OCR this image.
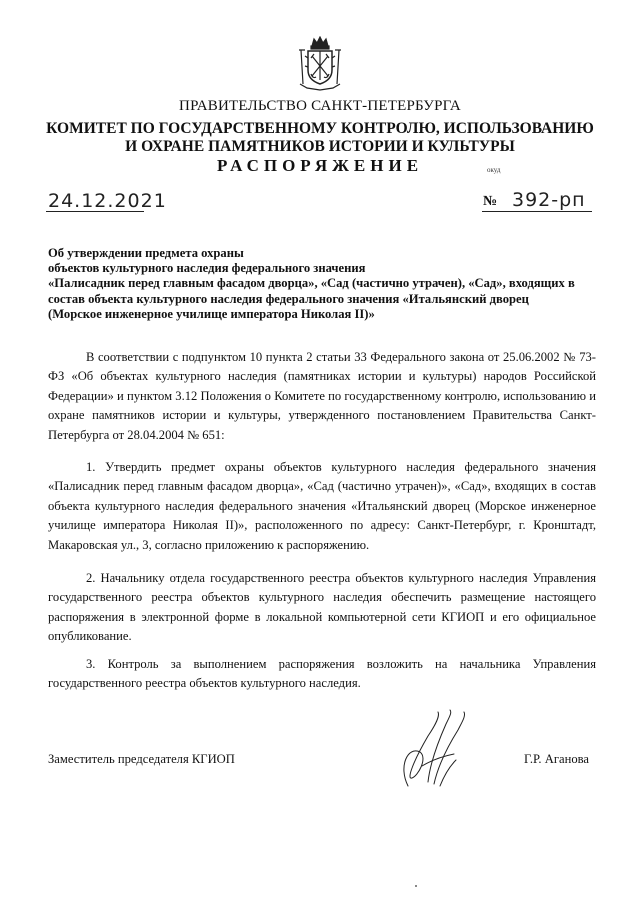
ПРАВИТЕЛЬСТВО САНКТ-ПЕТЕРБУРГА
КОМИТЕТ ПО ГОСУДАРСТВЕННОМУ КОНТРОЛЮ, ИСПОЛЬЗОВАНИЮ
И ОХРАНЕ ПАМЯТНИКОВ ИСТОРИИ И КУЛЬТУРЫ
РАСПОРЯЖЕНИЕ	окуд
24.12.2021	№ 392-рп
Об утверждении предмета охраны
объектов культурного наследия федерального значения
«Палисадник перед главным фасадом дворца», «Сад (частично утрачен), «Сад», входящих в
состав объекта культурного наследия федерального значения «Итальянский дворец
(Морское инженерное училище императора Николая II)»
В соответствии с подпунктом 10 пункта 2 статьи 33 Федерального закона от 25.06.2002 № 73-ФЗ «Об объектах культурного наследия (памятниках истории и культуры) народов Российской Федерации» и пунктом 3.12 Положения о Комитете по государственному контролю, использованию и охране памятников истории и культуры, утвержденного постановлением Правительства Санкт-Петербурга от 28.04.2004 № 651:
1. Утвердить предмет охраны объектов культурного наследия федерального значения «Палисадник перед главным фасадом дворца», «Сад (частично утрачен)», «Сад», входящих в состав объекта культурного наследия федерального значения «Итальянский дворец (Морское инженерное училище императора Николая II)», расположенного по адресу: Санкт-Петербург, г. Кронштадт, Макаровская ул., 3, согласно приложению к распоряжению.
2. Начальнику отдела государственного реестра объектов культурного наследия Управления государственного реестра объектов культурного наследия обеспечить размещение настоящего распоряжения в электронной форме в локальной компьютерной сети КГИОП и его официальное опубликование.
3. Контроль за выполнением распоряжения возложить на начальника Управления государственного реестра объектов культурного наследия.
Заместитель председателя КГИОП	Г.Р. Аганова
